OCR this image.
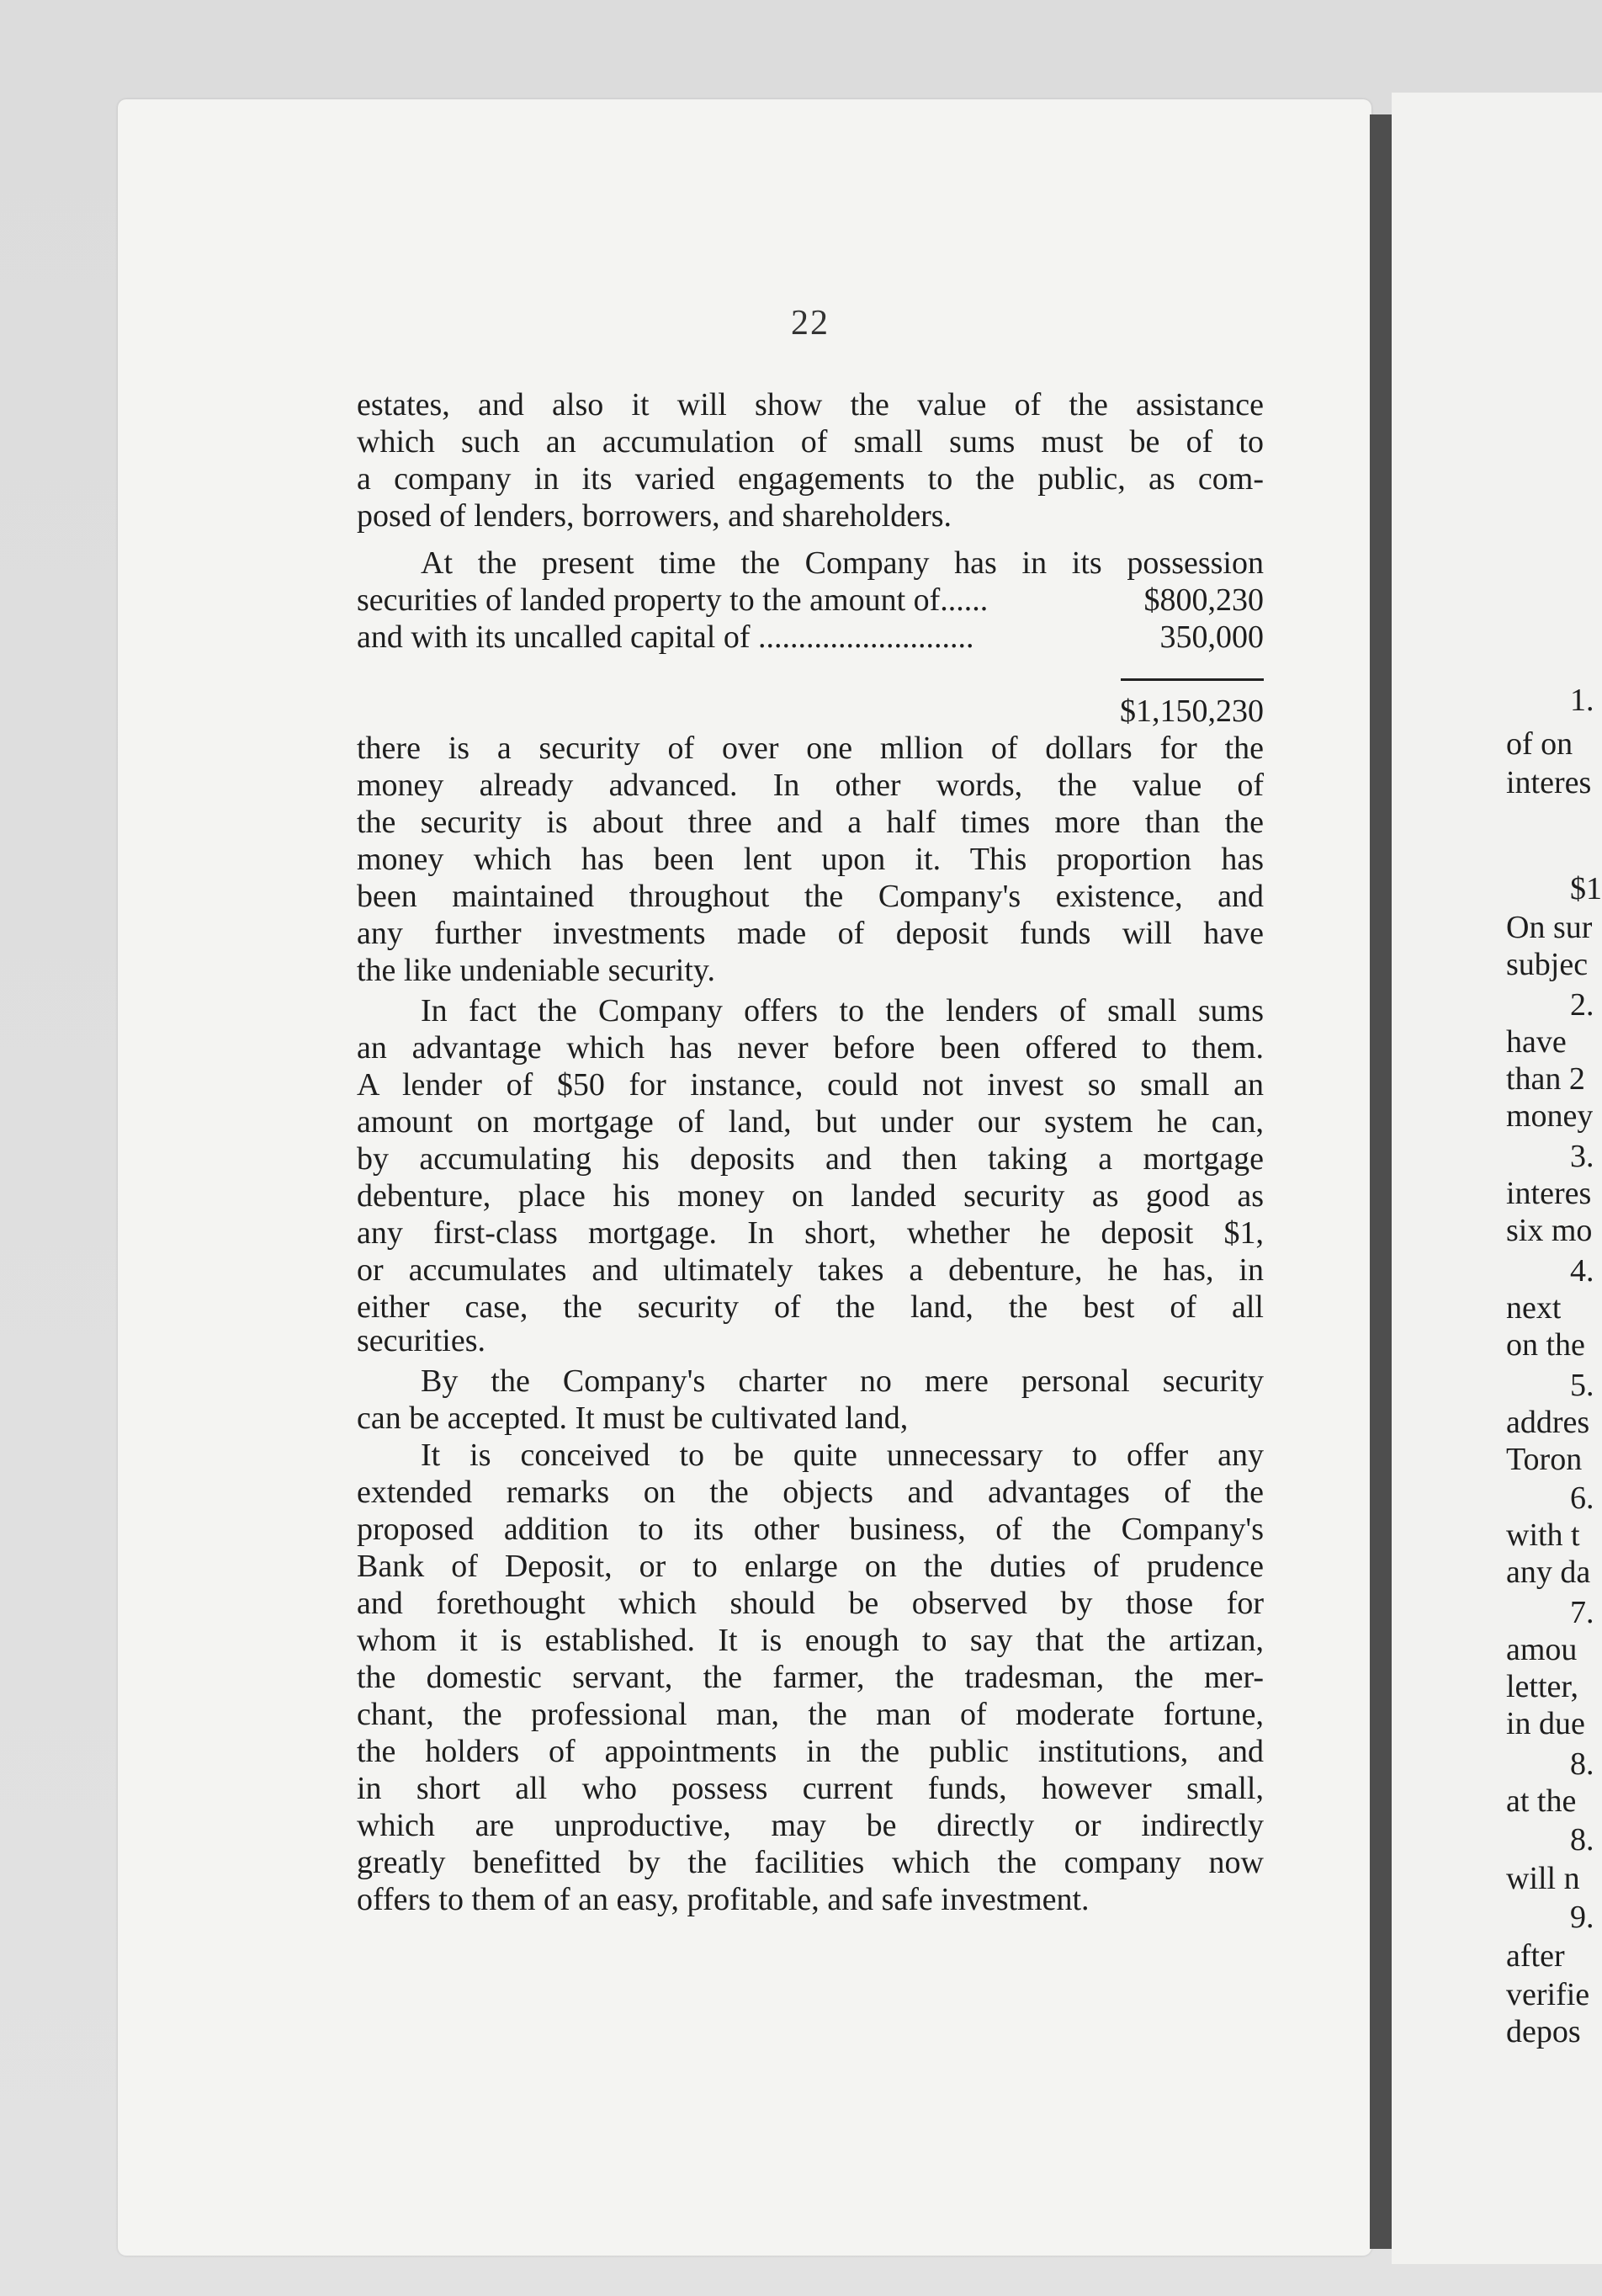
22
estates, and also it will show the value of the assistance
which such an accumulation of small sums must be of to
a company in its varied engagements to the public, as com-
posed of lenders, borrowers, and shareholders.
At the present time the Company has in its possession
securities of landed property to the amount of......	$800,230
and with its uncalled capital of ...........................	350,000
$1,150,230
there is a security of over one mllion of dollars for the
money already advanced. In other words, the value of
the security is about three and a half times more than the
money which has been lent upon it. This proportion has
been maintained throughout the Company's existence, and
any further investments made of deposit funds will have
the like undeniable security.
In fact the Company offers to the lenders of small sums
an advantage which has never before been offered to them.
A lender of $50 for instance, could not invest so small an
amount on mortgage of land, but under our system he can,
by accumulating his deposits and then taking a mortgage
debenture, place his money on landed security as good as
any first-class mortgage. In short, whether he deposit $1,
or accumulates and ultimately takes a debenture, he has, in
either case, the security of the land, the best of all
securities.
By the Company's charter no mere personal security
can be accepted. It must be cultivated land,
It is conceived to be quite unnecessary to offer any
extended remarks on the objects and advantages of the
proposed addition to its other business, of the Company's
Bank of Deposit, or to enlarge on the duties of prudence
and forethought which should be observed by those for
whom it is established. It is enough to say that the artizan,
the domestic servant, the farmer, the tradesman, the mer-
chant, the professional man, the man of moderate fortune,
the holders of appointments in the public institutions, and
in short all who possess current funds, however small,
which are unproductive, may be directly or indirectly
greatly benefitted by the facilities which the company now
offers to them of an easy, profitable, and safe investment.
1.
of on
interes
$1
On sur
subjec
2.
have
than 2
money
3.
interes
six mo
4.
next
on the
5.
addres
Toron
6.
with t
any da
7.
amou
letter,
in due
8.
at the
8.
will n
9.
after
verifie
depos
